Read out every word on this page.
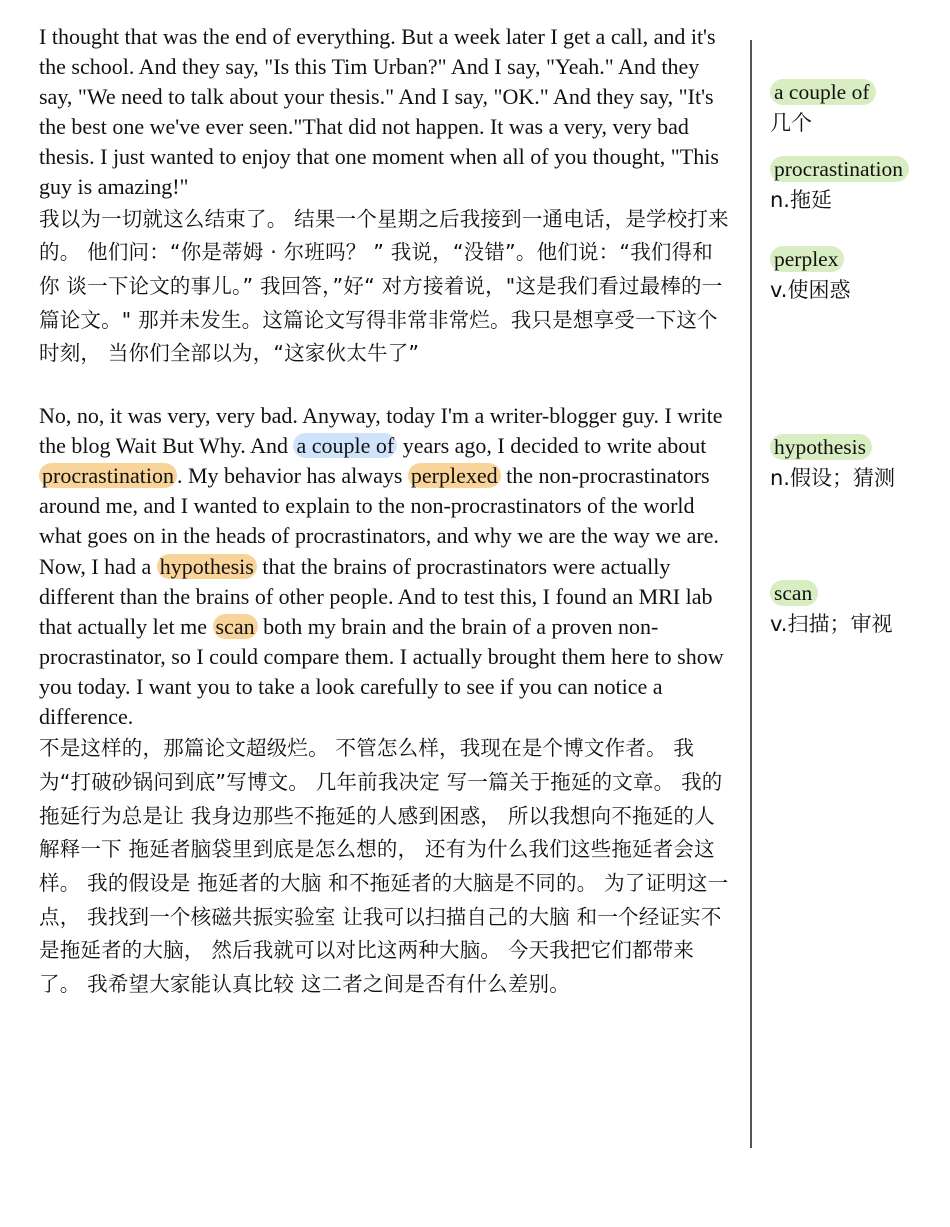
I thought that was the end of everything. But a week later I get a call, and it's the school. And they say, "Is this Tim Urban?" And I say, "Yeah." And they say, "We need to talk about your thesis." And I say, "OK." And they say, "It's the best one we've ever seen."That did not happen. It was a very, very bad thesis. I just wanted to enjoy that one moment when all of you thought, "This guy is amazing!"

我以为一切就这么结束了。 结果一个星期之后我接到一通电话，是学校打来的。 他们问：“你是蒂姆 · 尔班吗？ ” 我说，“没错”。他们说：“我们得和你 谈一下论文的事儿。” 我回答，”好“ 对方接着说，"这是我们看过最棒的一篇论文。" 那并未发生。这篇论文写得非常非常烂。我只是想享受一下这个时刻， 当你们全部以为，“这家伙太牛了”

No, no, it was very, very bad. Anyway, today I'm a writer-blogger guy. I write the blog Wait But Why. And a couple of years ago, I decided to write about procrastination . My behavior has always perplexed the non-procrastinators around me, and I wanted to explain to the non-procrastinators of the world what goes on in the heads of procrastinators, and why we are the way we are. Now, I had a hypothesis that the brains of procrastinators were actually different than the brains of other people. And to test this, I found an MRI lab that actually let me scan both my brain and the brain of a proven non-procrastinator, so I could compare them. I actually brought them here to show you today. I want you to take a look carefully to see if you can notice a difference.

不是这样的，那篇论文超级烂。 不管怎么样，我现在是个博文作者。 我为“打破砂锅问到底”写博文。 几年前我决定 写一篇关于拖延的文章。 我的拖延行为总是让 我身边那些不拖延的人感到困惑， 所以我想向不拖延的人解释一下 拖延者脑袋里到底是怎么想的， 还有为什么我们这些拖延者会这样。 我的假设是 拖延者的大脑 和不拖延者的大脑是不同的。 为了证明这一点， 我找到一个核磁共振实验室 让我可以扫描自己的大脑 和一个经证实不是拖延者的大脑， 然后我就可以对比这两种大脑。 今天我把它们都带来了。 我希望大家能认真比较 这二者之间是否有什么差别。

a couple of
几个
procrastination
n.拖延
perplex
v.使困惑
hypothesis
n.假设；猜测
scan
v.扫描；审视
